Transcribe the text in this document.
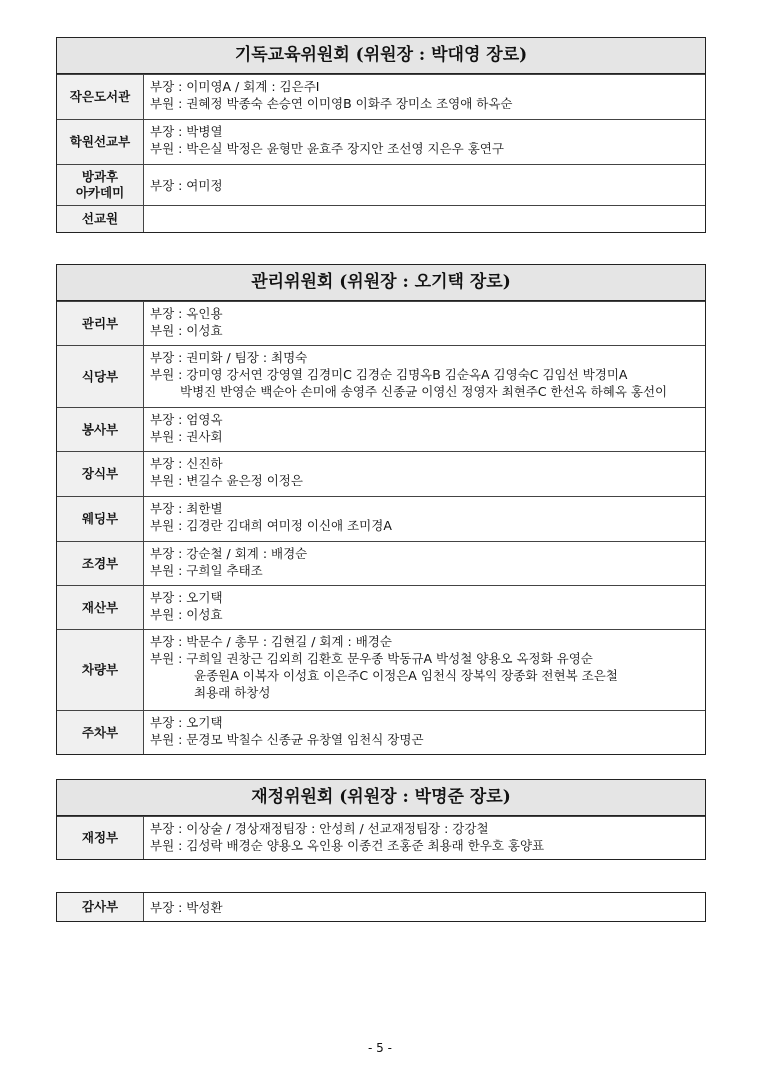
기독교육위원회 (위원장 : 박대영 장로)
작은도서관
부장 : 이미영A / 회계 : 김은주I
부원 : 권혜정 박종숙 손승연 이미영B 이화주 장미소 조영애 하옥순
학원선교부
부장 : 박병열
부원 : 박은실 박정은 윤형만 윤효주 장지안 조선영 지은우 홍연구
방과후
아카데미	부장 : 여미정
선교원
관리위원회 (위원장 : 오기택 장로)
관리부
부장 : 옥인용
부원 : 이성효
식당부
부장 : 권미화 / 팀장 : 최명숙
부원 : 강미영 강서연 강영열 김경미C 김경순 김명옥B 김순옥A 김영숙C 김임선 박경미A
박병진 반영순 백순아 손미애 송영주 신종균 이영신 정영자 최현주C 한선옥 하혜옥 홍선이
봉사부
부장 : 엄영옥
부원 : 권사회
장식부
부장 : 신진하
부원 : 변길수 윤은정 이정은
웨딩부
부장 : 최한별
부원 : 김경란 김대희 여미정 이신애 조미경A
조경부
부장 : 강순철 / 회계 : 배경순
부원 : 구희일 추태조
재산부
부장 : 오기택
부원 : 이성효
차량부
부장 : 박문수 / 총무 : 김현길 / 회계 : 배경순
부원 : 구희일 권창근 김외희 김환호 문우종 박동규A 박성철 양용오 옥정화 유영순
윤종원A 이복자 이성효 이은주C 이정은A 임천식 장복익 장종화 전현복 조은철
최용래 하창성
주차부
부장 : 오기택
부원 : 문경모 박칠수 신종균 유창열 임천식 장명곤
재정위원회 (위원장 : 박명준 장로)
재정부
부장 : 이상술 / 경상재정팀장 : 안성희 / 선교재정팀장 : 강강철
부원 : 김성락 배경순 양용오 옥인용 이종건 조홍준 최용래 한우호 홍양표
감사부	부장 : 박성환
- 5 -
